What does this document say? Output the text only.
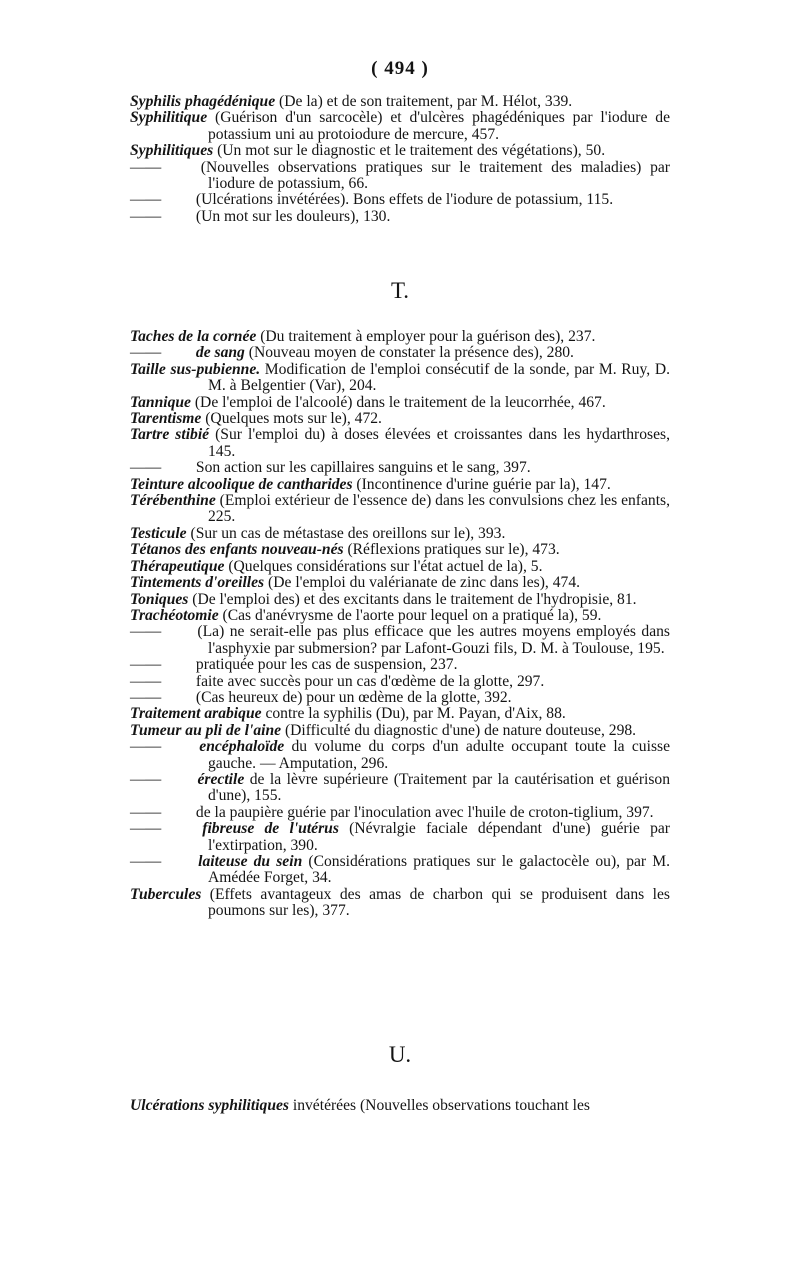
( 494 )
Syphilis phagédénique (De la) et de son traitement, par M. Hélot, 339.
Syphilitique (Guérison d'un sarcocèle) et d'ulcères phagédéniques par l'iodure de potassium uni au protoiodure de mercure, 457.
Syphilitiques (Un mot sur le diagnostic et le traitement des végétations), 50.
—— (Nouvelles observations pratiques sur le traitement des maladies) par l'iodure de potassium, 66.
—— (Ulcérations invétérées). Bons effets de l'iodure de potassium, 115.
—— (Un mot sur les douleurs), 130.
T.
Taches de la cornée (Du traitement à employer pour la guérison des), 237.
—— de sang (Nouveau moyen de constater la présence des), 280.
Taille sus-pubienne. Modification de l'emploi consécutif de la sonde, par M. Ruy, D. M. à Belgentier (Var), 204.
Tannique (De l'emploi de l'alcoolé) dans le traitement de la leucorrhée, 467.
Tarentisme (Quelques mots sur le), 472.
Tartre stibié (Sur l'emploi du) à doses élevées et croissantes dans les hydarthroses, 145.
—— Son action sur les capillaires sanguins et le sang, 397.
Teinture alcoolique de cantharides (Incontinence d'urine guérie par la), 147.
Térébenthine (Emploi extérieur de l'essence de) dans les convulsions chez les enfants, 225.
Testicule (Sur un cas de métastase des oreillons sur le), 393.
Tétanos des enfants nouveau-nés (Réflexions pratiques sur le), 473.
Thérapeutique (Quelques considérations sur l'état actuel de la), 5.
Tintements d'oreilles (De l'emploi du valérianate de zinc dans les), 474.
Toniques (De l'emploi des) et des excitants dans le traitement de l'hydropisie, 81.
Trachéotomie (Cas d'anévrysme de l'aorte pour lequel on a pratiqué la), 59.
—— (La) ne serait-elle pas plus efficace que les autres moyens employés dans l'asphyxie par submersion? par Lafont-Gouzi fils, D. M. à Toulouse, 195.
—— pratiquée pour les cas de suspension, 237.
—— faite avec succès pour un cas d'œdème de la glotte, 297.
—— (Cas heureux de) pour un œdème de la glotte, 392.
Traitement arabique contre la syphilis (Du), par M. Payan, d'Aix, 88.
Tumeur au pli de l'aine (Difficulté du diagnostic d'une) de nature douteuse, 298.
—— encéphaloïde du volume du corps d'un adulte occupant toute la cuisse gauche. — Amputation, 296.
—— érectile de la lèvre supérieure (Traitement par la cautérisation et guérison d'une), 155.
—— de la paupière guérie par l'inoculation avec l'huile de croton-tiglium, 397.
—— fibreuse de l'utérus (Névralgie faciale dépendant d'une) guérie par l'extirpation, 390.
—— laiteuse du sein (Considérations pratiques sur le galactocèle ou), par M. Amédée Forget, 34.
Tubercules (Effets avantageux des amas de charbon qui se produisent dans les poumons sur les), 377.
U.
Ulcérations syphilitiques invétérées (Nouvelles observations touchant les
